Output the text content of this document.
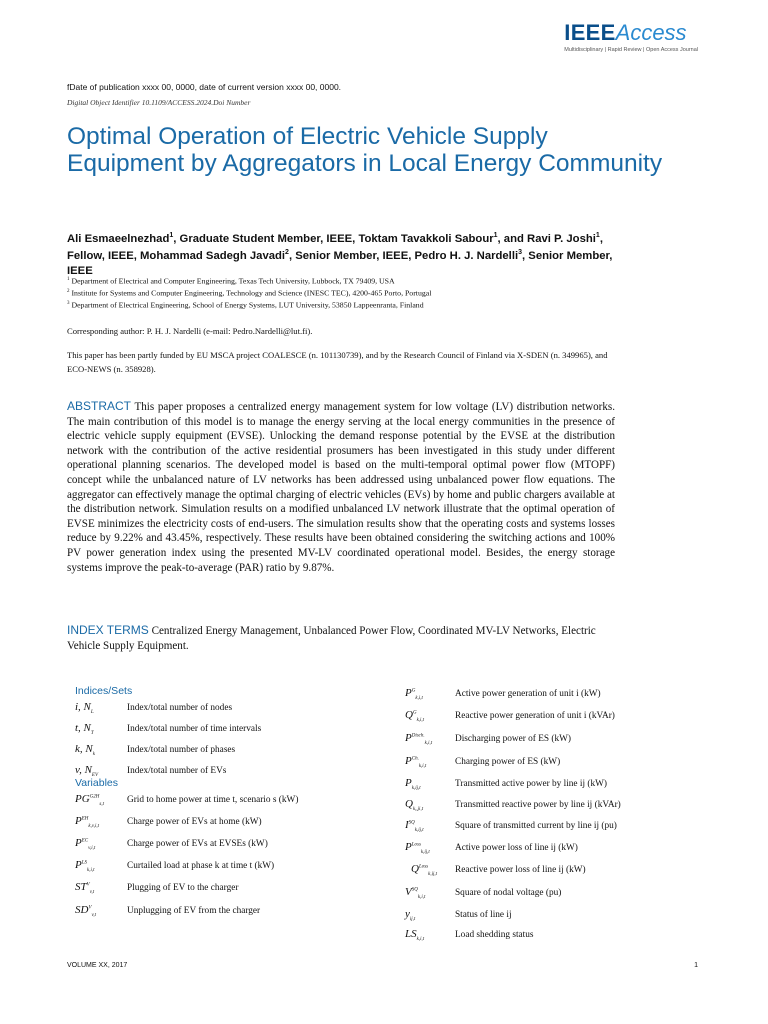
IEEEAccess
Multidisciplinary | Rapid Review | Open Access Journal
fDate of publication xxxx 00, 0000, date of current version xxxx 00, 0000.
Digital Object Identifier 10.1109/ACCESS.2024.Doi Number
Optimal Operation of Electric Vehicle Supply Equipment by Aggregators in Local Energy Community
Ali Esmaeelnezhad$^1$, Graduate Student Member, IEEE, Toktam Tavakkoli Sabour$^1$, and Ravi P. Joshi$^1$, Fellow, IEEE, Mohammad Sadegh Javadi$^2$, Senior Member, IEEE, Pedro H. J. Nardelli$^3$, Senior Member, IEEE
$^1$ Department of Electrical and Computer Engineering, Texas Tech University, Lubbock, TX 79409, USA
$^2$ Institute for Systems and Computer Engineering, Technology and Science (INESC TEC), 4200-465 Porto, Portugal
$^3$ Department of Electrical Engineering, School of Energy Systems, LUT University, 53850 Lappeenranta, Finland
Corresponding author: P. H. J. Nardelli (e-mail: Pedro.Nardelli@lut.fi).
This paper has been partly funded by EU MSCA project COALESCE (n. 101130739), and by the Research Council of Finland via X-SDEN (n. 349965), and ECO-NEWS (n. 358928).
ABSTRACT This paper proposes a centralized energy management system for low voltage (LV) distribution networks. The main contribution of this model is to manage the energy serving at the local energy communities in the presence of electric vehicle supply equipment (EVSE). Unlocking the demand response potential by the EVSE at the distribution network with the contribution of the active residential prosumers has been investigated in this study under different operational planning scenarios. The developed model is based on the multi-temporal optimal power flow (MTOPF) concept while the unbalanced nature of LV networks has been addressed using unbalanced power flow equations. The aggregator can effectively manage the optimal charging of electric vehicles (EVs) by home and public chargers available at the distribution network. Simulation results on a modified unbalanced LV network illustrate that the optimal operation of EVSE minimizes the electricity costs of end-users. The simulation results show that the operating costs and systems losses reduce by 9.22% and 43.45%, respectively. These results have been obtained considering the switching actions and 100% PV power generation index using the presented MV-LV coordinated operational model. Besides, the energy storage systems improve the peak-to-average (PAR) ratio by 9.87%.
INDEX TERMS Centralized Energy Management, Unbalanced Power Flow, Coordinated MV-LV Networks, Electric Vehicle Supply Equipment.
Indices/Sets
i, $N_L$	Index/total number of nodes
t, $N_T$	Index/total number of time intervals
k, $N_k$	Index/total number of phases
v, $N_{EV}$	Index/total number of EVs
Variables
$PG^{G2H}_{s,t}$ Grid to home power at time t, scenario s (kW)
$P^{EH}_{k,v,i,t}$	Charge power of EVs at home (kW)
$P^{EC}_{v,i,t}$	Charge power of EVs at EVSEs (kW)
$P^{LS}_{k,i,t}$	Curtailed load at phase k at time t (kW)
$ST^V_{v,t}$	Plugging of EV to the charger
$SD^V_{v,t}$	Unplugging of EV from the charger
$P^G_{k,i,t}$	Active power generation of unit i (kW)
$Q^G_{k,i,t}$	Reactive power generation of unit i (kVAr)
$P^{Disch.}_{k,i,t}$ Discharging power of ES (kW)
$P^{Ch.}_{k,i,t}$	Charging power of ES (kW)
$P_{k,ij,t}$	Transmitted active power by line ij (kW)
$Q_{k,,ji,t}$	Transmitted reactive power by line ij (kVAr)
$I^{SQ}_{k,ij,t}$	Square of transmitted current by line ij (pu)
$P^{Loss}_{k,ij,t}$	Active power loss of line ij (kW)
$Q^{Loss}_{k,ij,t}$ Reactive power loss of line ij (kW)
$V^{SQ}_{k,i,t}$	Square of nodal voltage (pu)
$y_{ij,t}$	Status of line ij
$LS_{k,i,t}$	Load shedding status
VOLUME XX, 2017	1
